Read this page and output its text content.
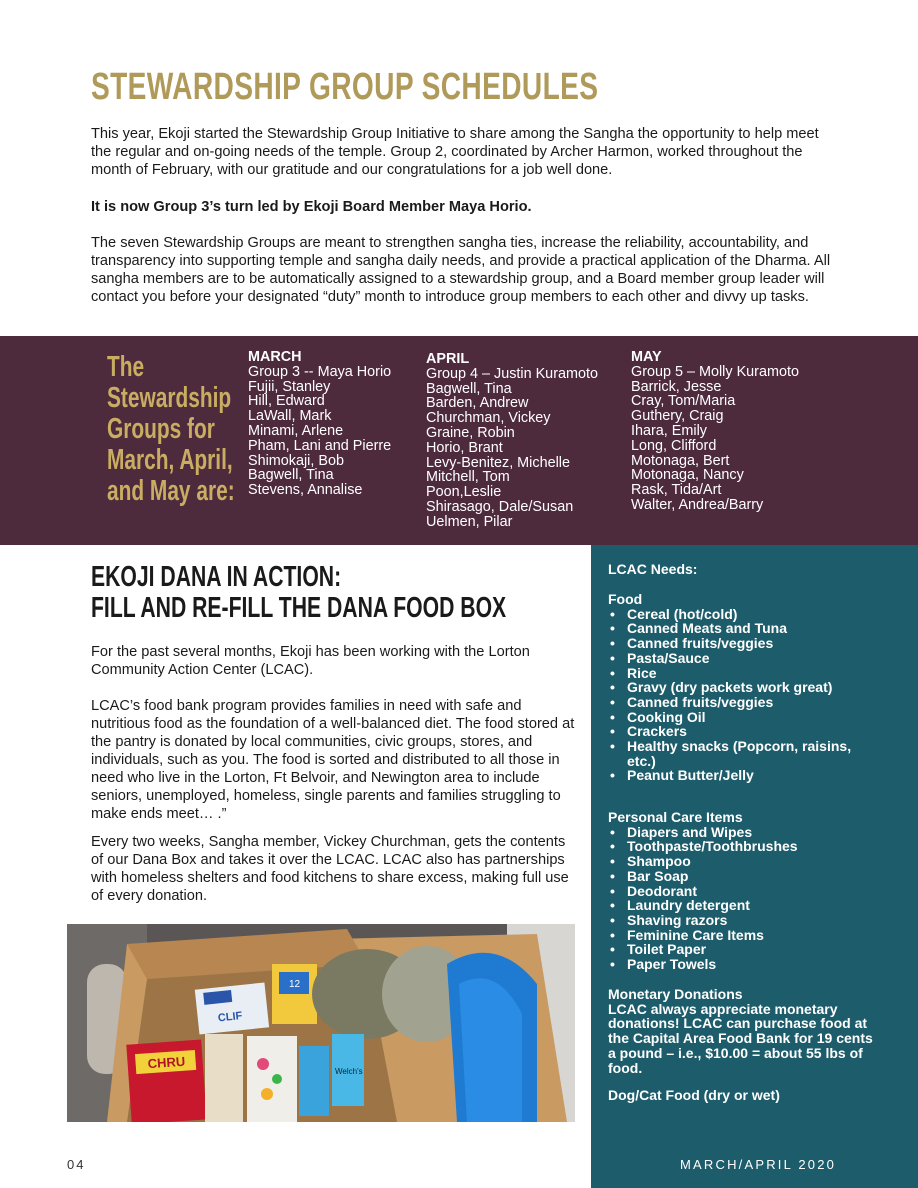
STEWARDSHIP GROUP SCHEDULES

This year, Ekoji started the Stewardship Group Initiative to share among the Sangha the opportunity to help meet the regular and on-going needs of the temple. Group 2, coordinated by Archer Harmon, worked throughout the month of February, with our gratitude and our congratulations for a job well done.

It is now Group 3’s turn led by Ekoji Board Member Maya Horio.

The seven Stewardship Groups are meant to strengthen sangha ties, increase the reliability, accountability, and transparency into supporting temple and sangha daily needs, and provide a practical application of the Dharma. All sangha members are to be automatically assigned to a stewardship group, and a Board member group leader will contact you before your designated “duty” month to introduce group members to each other and divvy up tasks.

The
Stewardship
Groups for
March, April,
and May are:
MARCH
Group 3 -- Maya Horio
Fujii, Stanley
Hill, Edward
LaWall, Mark
Minami, Arlene
Pham, Lani and Pierre
Shimokaji, Bob
Bagwell, Tina
Stevens, Annalise
APRIL
Group 4 – Justin Kuramoto
Bagwell, Tina
Barden, Andrew
Churchman, Vickey
Graine, Robin
Horio, Brant
Levy-Benitez, Michelle
Mitchell, Tom
Poon,Leslie
Shirasago, Dale/Susan
Uelmen, Pilar
MAY
Group 5 – Molly Kuramoto
Barrick, Jesse
Cray, Tom/Maria
Guthery, Craig
Ihara, Emily
Long, Clifford
Motonaga, Bert
Motonaga, Nancy
Rask, Tida/Art
Walter, Andrea/Barry
EKOJI DANA IN ACTION:
FILL AND RE-FILL THE DANA FOOD BOX

For the past several months, Ekoji has been working with the Lorton Community Action Center (LCAC).

LCAC’s food bank program provides families in need with safe and nutritious food as the foundation of a well-balanced diet. The food stored at the pantry is donated by local communities, civic groups, stores, and individuals, such as you. The food is sorted and distributed to all those in need who live in the Lorton, Ft Belvoir, and Newington area to include seniors, unemployed, homeless, single parents and families struggling to make ends meet… .”

Every two weeks, Sangha member, Vickey Churchman, gets the contents of our Dana Box and takes it over the LCAC. LCAC also has partnerships with homeless shelters and food kitchens to share excess, making full use of every donation.

CLIF
12
CHRU
Welch's
LCAC Needs:
Food
• Cereal (hot/cold)
• Canned Meats and Tuna
• Canned fruits/veggies
• Pasta/Sauce
• Rice
• Gravy (dry packets work great)
• Canned fruits/veggies
• Cooking Oil
• Crackers
• Healthy snacks (Popcorn, raisins, etc.)
• Peanut Butter/Jelly
Personal Care Items
• Diapers and Wipes
• Toothpaste/Toothbrushes
• Shampoo
• Bar Soap
• Deodorant
• Laundry detergent
• Shaving razors
• Feminine Care Items
• Toilet Paper
• Paper Towels
Monetary Donations
LCAC always appreciate monetary donations! LCAC can purchase food at the Capital Area Food Bank for 19 cents a pound – i.e., $10.00 = about 55 lbs of food.
Dog/Cat Food (dry or wet)
04	MARCH/APRIL 2020
